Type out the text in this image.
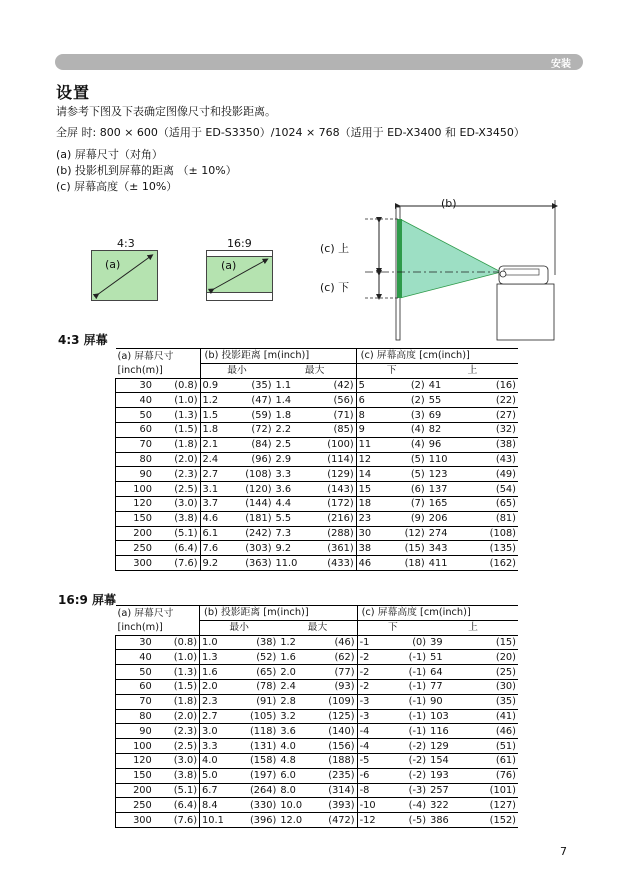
安装
设置
请参考下图及下表确定图像尺寸和投影距离。
全屏 时: 800 × 600（适用于 ED-S3350）/1024 × 768（适用于 ED-X3400 和 ED-X3450）
(a) 屏幕尺寸（对角）
(b) 投影机到屏幕的距离 （± 10%）
(c) 屏幕高度（± 10%）
4:3
(a)
16:9
(a)
(c) 上
(c) 下
(b)
4:3 屏幕
(a) 屏幕尺寸		(b) 投影距离 [m(inch)]				(c) 屏幕高度 [cm(inch)]			
[inch(m)]		最小		最大		下		上	
30	(0.8)	0.9	(35)	1.1	(42)	5	(2)	41	(16)
40	(1.0)	1.2	(47)	1.4	(56)	6	(2)	55	(22)
50	(1.3)	1.5	(59)	1.8	(71)	8	(3)	69	(27)
60	(1.5)	1.8	(72)	2.2	(85)	9	(4)	82	(32)
70	(1.8)	2.1	(84)	2.5	(100)	11	(4)	96	(38)
80	(2.0)	2.4	(96)	2.9	(114)	12	(5)	110	(43)
90	(2.3)	2.7	(108)	3.3	(129)	14	(5)	123	(49)
100	(2.5)	3.1	(120)	3.6	(143)	15	(6)	137	(54)
120	(3.0)	3.7	(144)	4.4	(172)	18	(7)	165	(65)
150	(3.8)	4.6	(181)	5.5	(216)	23	(9)	206	(81)
200	(5.1)	6.1	(242)	7.3	(288)	30	(12)	274	(108)
250	(6.4)	7.6	(303)	9.2	(361)	38	(15)	343	(135)
300	(7.6)	9.2	(363)	11.0	(433)	46	(18)	411	(162)
16:9 屏幕
(a) 屏幕尺寸		(b) 投影距离 [m(inch)]				(c) 屏幕高度 [cm(inch)]			
[inch(m)]		最小		最大		下		上	
30	(0.8)	1.0	(38)	1.2	(46)	-1	(0)	39	(15)
40	(1.0)	1.3	(52)	1.6	(62)	-2	(-1)	51	(20)
50	(1.3)	1.6	(65)	2.0	(77)	-2	(-1)	64	(25)
60	(1.5)	2.0	(78)	2.4	(93)	-2	(-1)	77	(30)
70	(1.8)	2.3	(91)	2.8	(109)	-3	(-1)	90	(35)
80	(2.0)	2.7	(105)	3.2	(125)	-3	(-1)	103	(41)
90	(2.3)	3.0	(118)	3.6	(140)	-4	(-1)	116	(46)
100	(2.5)	3.3	(131)	4.0	(156)	-4	(-2)	129	(51)
120	(3.0)	4.0	(158)	4.8	(188)	-5	(-2)	154	(61)
150	(3.8)	5.0	(197)	6.0	(235)	-6	(-2)	193	(76)
200	(5.1)	6.7	(264)	8.0	(314)	-8	(-3)	257	(101)
250	(6.4)	8.4	(330)	10.0	(393)	-10	(-4)	322	(127)
300	(7.6)	10.1	(396)	12.0	(472)	-12	(-5)	386	(152)
7
